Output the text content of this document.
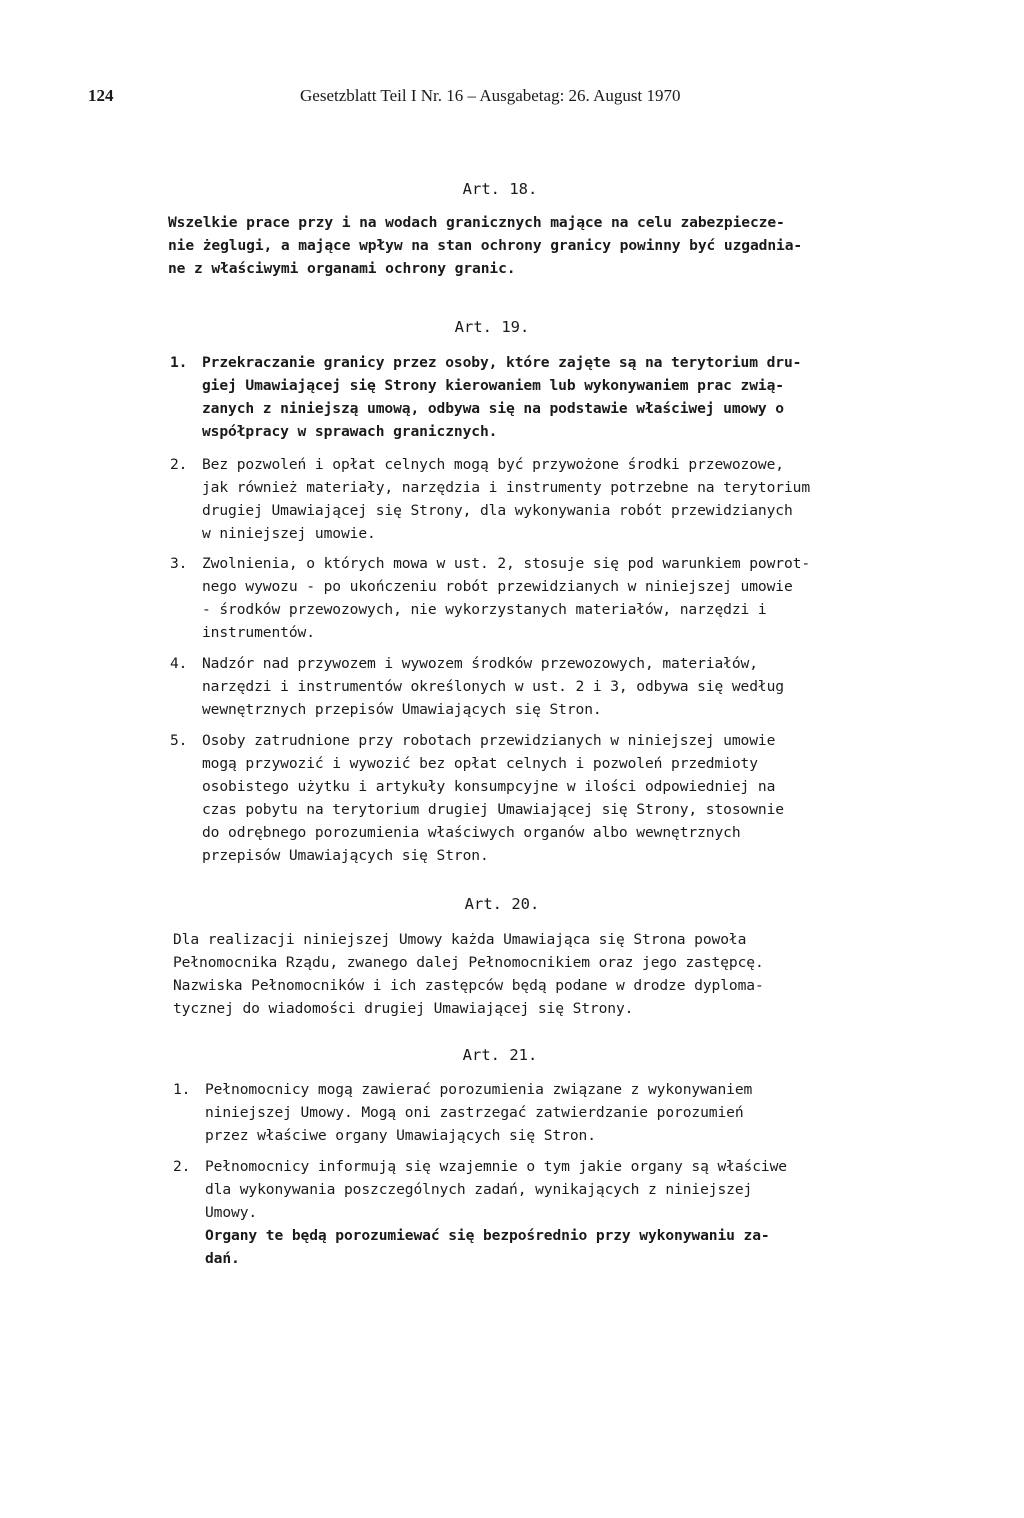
124	Gesetzblatt Teil I Nr. 16 – Ausgabetag: 26. August 1970
Art. 18.
Wszelkie prace przy i na wodach granicznych mające na celu zabezpiecze-
nie żeglugi, a mające wpływ na stan ochrony granicy powinny być uzgadnia-
ne z właściwymi organami ochrony granic.
Art. 19.
1. Przekraczanie granicy przez osoby, które zajęte są na terytorium dru-
giej Umawiającej się Strony kierowaniem lub wykonywaniem prac zwią-
zanych z niniejszą umową, odbywa się na podstawie właściwej umowy o
współpracy w sprawach granicznych.
2. Bez pozwoleń i opłat celnych mogą być przywożone środki przewozowe,
jak również materiały, narzędzia i instrumenty potrzebne na terytorium
drugiej Umawiającej się Strony, dla wykonywania robót przewidzianych
w niniejszej umowie.
3. Zwolnienia, o których mowa w ust. 2, stosuje się pod warunkiem powrot-
nego wywozu - po ukończeniu robót przewidzianych w niniejszej umowie
- środków przewozowych, nie wykorzystanych materiałów, narzędzi i
instrumentów.
4. Nadzór nad przywozem i wywozem środków przewozowych, materiałów,
narzędzi i instrumentów określonych w ust. 2 i 3, odbywa się według
wewnętrznych przepisów Umawiających się Stron.
5. Osoby zatrudnione przy robotach przewidzianych w niniejszej umowie
mogą przywozić i wywozić bez opłat celnych i pozwoleń przedmioty
osobistego użytku i artykuły konsumpcyjne w ilości odpowiedniej na
czas pobytu na terytorium drugiej Umawiającej się Strony, stosownie
do odrębnego porozumienia właściwych organów albo wewnętrznych
przepisów Umawiających się Stron.
Art. 20.
Dla realizacji niniejszej Umowy każda Umawiająca się Strona powoła
Pełnomocnika Rządu, zwanego dalej Pełnomocnikiem oraz jego zastępcę.
Nazwiska Pełnomocników i ich zastępców będą podane w drodze dyploma-
tycznej do wiadomości drugiej Umawiającej się Strony.
Art. 21.
1. Pełnomocnicy mogą zawierać porozumienia związane z wykonywaniem
niniejszej Umowy. Mogą oni zastrzegać zatwierdzanie porozumień
przez właściwe organy Umawiających się Stron.
2. Pełnomocnicy informują się wzajemnie o tym jakie organy są właściwe
dla wykonywania poszczególnych zadań, wynikających z niniejszej
Umowy.
Organy te będą porozumiewać się bezpośrednio przy wykonywaniu za-
dań.
